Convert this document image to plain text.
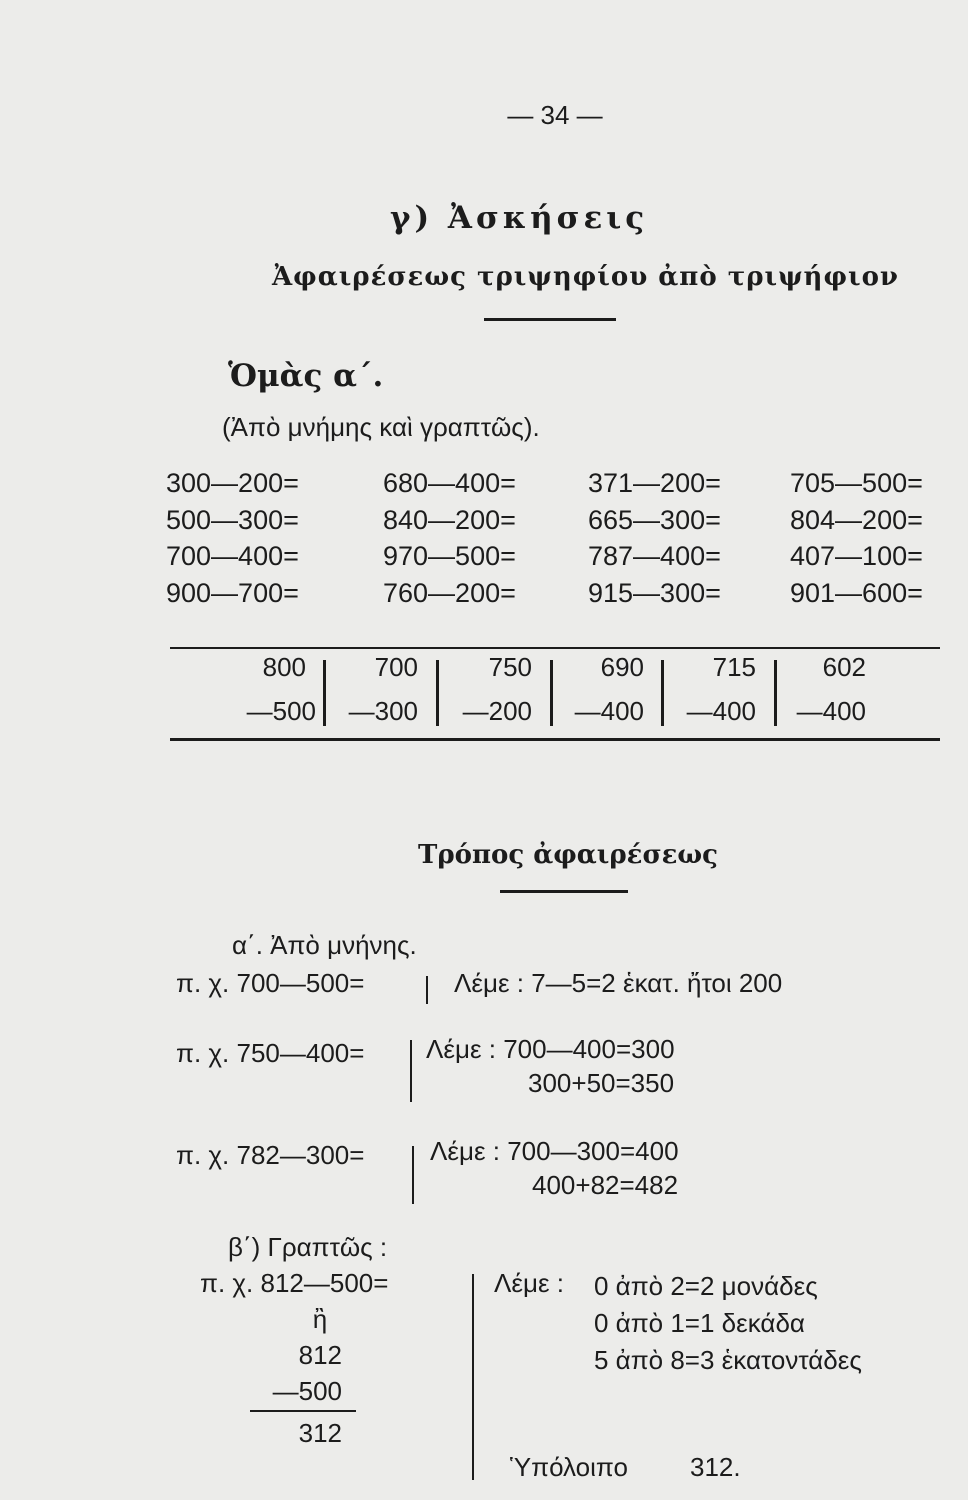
— 34 —
γ) Ἀσκήσεις
Ἀφαιρέσεως τριψηφίου ἀπὸ τριψήφιον
Ὁμὰς α΄.
(Ἀπὸ μνήμης καὶ γραπτῶς).
300—200=
500—300=
700—400=
900—700=
680—400=
840—200=
970—500=
760—200=
371—200=
665—300=
787—400=
915—300=
705—500=
804—200=
407—100=
901—600=
800
—500
700
—300
750
—200
690
—400
715
—400
602
—400
Τρόπος ἀφαιρέσεως
α΄. Ἀπὸ μνήνης.
π. χ. 700—500=	Λέμε : 7—5=2 ἑκατ. ἤτοι 200
π. χ. 750—400= Λέμε : 700—400=300
300+50=350
π. χ. 782—300=	Λέμε : 700—300=400
400+82=482
β΄) Γραπτῶς :
π. χ. 812—500=
ἢ
812
—500
312
Λέμε : 0 ἀπὸ 2=2 μονάδες
0 ἀπὸ 1=1 δεκάδα
5 ἀπὸ 8=3 ἑκατοντάδες
Ὑπόλοιπο 312.
